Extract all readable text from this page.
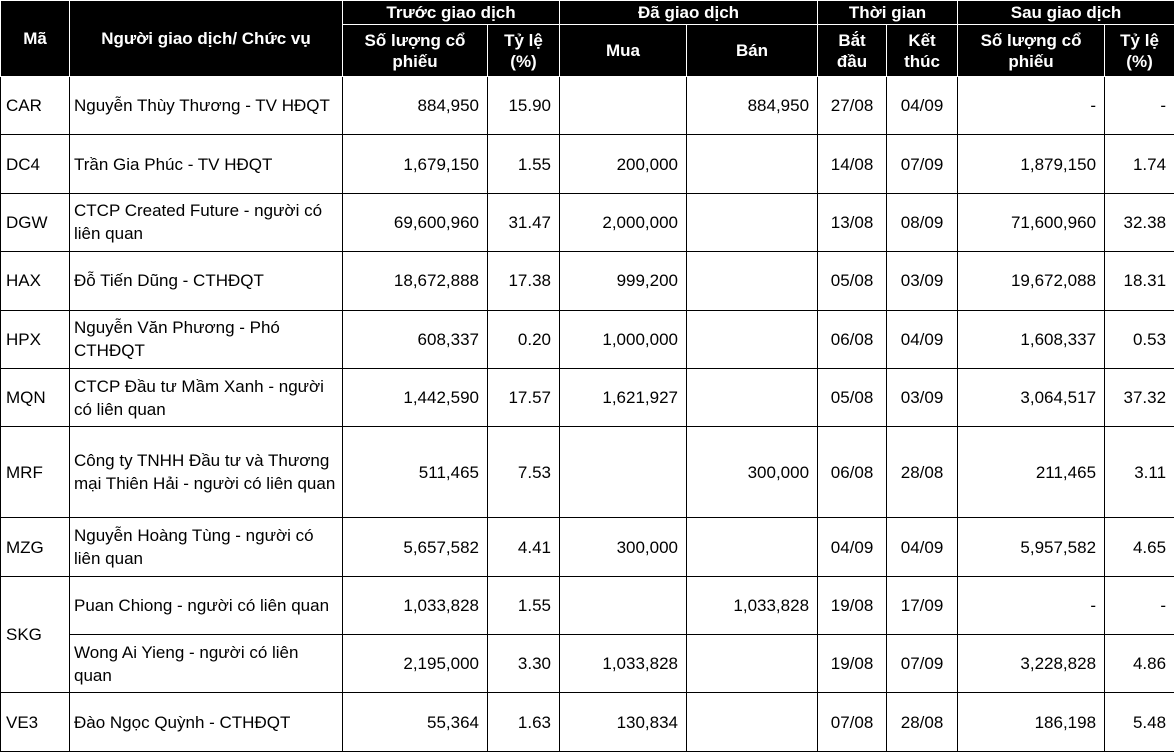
Mã	Người giao dịch/ Chức vụ	Trước giao dịch		Đã giao dịch		Thời gian		Sau giao dịch	
		Số lượng cổ phiếu	Tỷ lệ (%)	Mua	Bán	Bắt đầu	Kết thúc	Số lượng cổ phiếu	Tỷ lệ (%)
CAR	Nguyễn Thùy Thương - TV HĐQT	884,950	15.90		884,950	27/08	04/09	-	-
DC4	Trần Gia Phúc - TV HĐQT	1,679,150	1.55	200,000		14/08	07/09	1,879,150	1.74
DGW	CTCP Created Future - người có liên quan	69,600,960	31.47	2,000,000		13/08	08/09	71,600,960	32.38
HAX	Đỗ Tiến Dũng - CTHĐQT	18,672,888	17.38	999,200		05/08	03/09	19,672,088	18.31
HPX	Nguyễn Văn Phương - Phó CTHĐQT	608,337	0.20	1,000,000		06/08	04/09	1,608,337	0.53
MQN	CTCP Đầu tư Mầm Xanh - người có liên quan	1,442,590	17.57	1,621,927		05/08	03/09	3,064,517	37.32
MRF	Công ty TNHH Đầu tư và Thương mại Thiên Hải - người có liên quan	511,465	7.53		300,000	06/08	28/08	211,465	3.11
MZG	Nguyễn Hoàng Tùng - người có liên quan	5,657,582	4.41	300,000		04/09	04/09	5,957,582	4.65
SKG	Puan Chiong - người có liên quan	1,033,828	1.55		1,033,828	19/08	17/09	-	-
	Wong Ai Yieng - người có liên quan	2,195,000	3.30	1,033,828		19/08	07/09	3,228,828	4.86
VE3	Đào Ngọc Quỳnh - CTHĐQT	55,364	1.63	130,834		07/08	28/08	186,198	5.48
